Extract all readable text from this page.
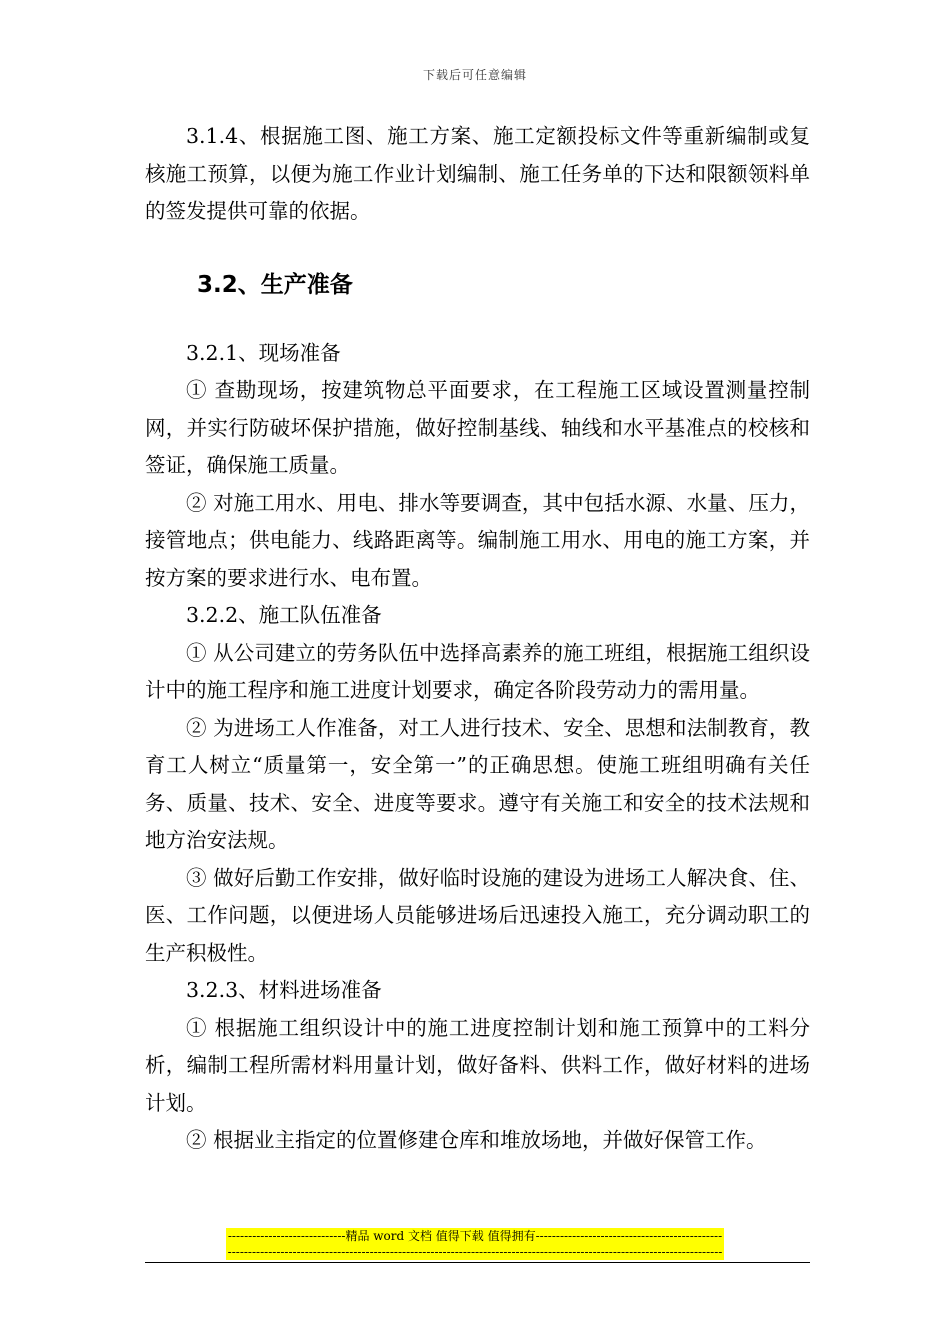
下载后可任意编辑

3.1.4、根据施工图、施工方案、施工定额投标文件等重新编制或复核施工预算，以便为施工作业计划编制、施工任务单的下达和限额领料单的签发提供可靠的依据。

3.2、生产准备

3.2.1、现场准备

① 查勘现场，按建筑物总平面要求，在工程施工区域设置测量控制网，并实行防破坏保护措施，做好控制基线、轴线和水平基准点的校核和签证，确保施工质量。

② 对施工用水、用电、排水等要调查，其中包括水源、水量、压力，接管地点；供电能力、线路距离等。编制施工用水、用电的施工方案，并按方案的要求进行水、电布置。

3.2.2、施工队伍准备

① 从公司建立的劳务队伍中选择高素养的施工班组，根据施工组织设计中的施工程序和施工进度计划要求，确定各阶段劳动力的需用量。

② 为进场工人作准备，对工人进行技术、安全、思想和法制教育，教育工人树立“质量第一，安全第一”的正确思想。使施工班组明确有关任务、质量、技术、安全、进度等要求。遵守有关施工和安全的技术法规和地方治安法规。

③ 做好后勤工作安排，做好临时设施的建设为进场工人解决食、住、医、工作问题，以便进场人员能够进场后迅速投入施工，充分调动职工的生产积极性。

3.2.3、材料进场准备

① 根据施工组织设计中的施工进度控制计划和施工预算中的工料分析，编制工程所需材料用量计划，做好备料、供料工作，做好材料的进场计划。

② 根据业主指定的位置修建仓库和堆放场地，并做好保管工作。

-----------------------------精品 word 文档 值得下载 值得拥有----------------------------------------------
--------------------------------------------------------------------------------------------------------------------------
